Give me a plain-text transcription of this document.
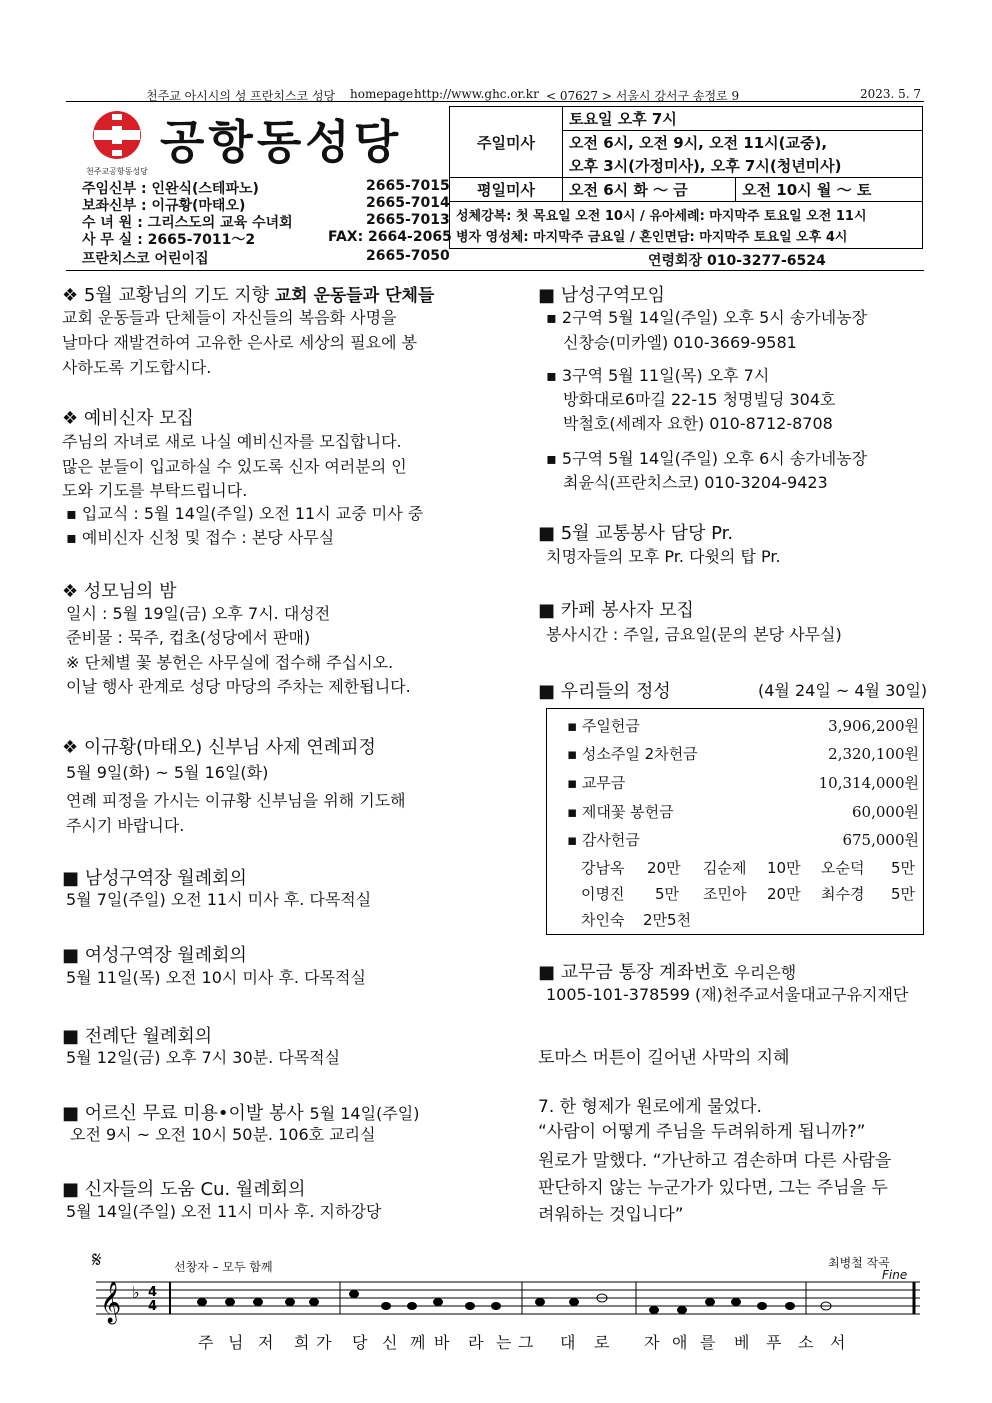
천주교 아시시의 성 프란치스코 성당 homepage http://www.ghc.or.kr < 07627 > 서울시 강서구 송정로 9	2023. 5. 7
천주교공항동성당
공항동성당
주임신부 : 인완식(스테파노)	2665-7015
보좌신부 : 이규황(마태오)	2665-7014
수 녀 원 : 그리스도의 교육 수녀회	2665-7013
사 무 실 : 2665-7011～2	FAX: 2664-2065
프란치스코 어린이집	2665-7050
주일미사	토요일 오후 7시	
	오전 6시, 오전 9시, 오전 11시(교중),	
	오후 3시(가정미사), 오후 7시(청년미사)	
평일미사	오전 6시 화 ～ 금	오전 10시 월 ～ 토
성체강복: 첫 목요일 오전 10시 / 유아세례: 마지막주 토요일 오전 11시		
병자 영성체: 마지막주 금요일 / 혼인면담: 마지막주 토요일 오후 4시		
연령회장 010-3277-6524
❖ 5월 교황님의 기도 지향 교회 운동들과 단체들
교회 운동들과 단체들이 자신들의 복음화 사명을
날마다 재발견하여 고유한 은사로 세상의 필요에 봉
사하도록 기도합시다.
❖ 예비신자 모집
주님의 자녀로 새로 나실 예비신자를 모집합니다.
많은 분들이 입교하실 수 있도록 신자 여러분의 인
도와 기도를 부탁드립니다.
▪ 입교식 : 5월 14일(주일) 오전 11시 교중 미사 중
▪ 예비신자 신청 및 접수 : 본당 사무실
❖ 성모님의 밤
일시 : 5월 19일(금) 오후 7시. 대성전
준비물 : 묵주, 컵초(성당에서 판매)
※ 단체별 꽃 봉헌은 사무실에 접수해 주십시오.
이날 행사 관계로 성당 마당의 주차는 제한됩니다.
❖ 이규황(마태오) 신부님 사제 연례피정
5월 9일(화) ~ 5월 16일(화)
연례 피정을 가시는 이규황 신부님을 위해 기도해
주시기 바랍니다.
■ 남성구역장 월례회의
5월 7일(주일) 오전 11시 미사 후. 다목적실
■ 여성구역장 월례회의
5월 11일(목) 오전 10시 미사 후. 다목적실
■ 전례단 월례회의
5월 12일(금) 오후 7시 30분. 다목적실
■ 어르신 무료 미용•이발 봉사 5월 14일(주일)
오전 9시 ~ 오전 10시 50분. 106호 교리실
■ 신자들의 도움 Cu. 월례회의
5월 14일(주일) 오전 11시 미사 후. 지하강당
■ 남성구역모임
▪ 2구역 5월 14일(주일) 오후 5시 송가네농장
신창승(미카엘) 010-3669-9581
▪ 3구역 5월 11일(목) 오후 7시
방화대로6마길 22-15 청명빌딩 304호
박철호(세례자 요한) 010-8712-8708
▪ 5구역 5월 14일(주일) 오후 6시 송가네농장
최윤식(프란치스코) 010-3204-9423
■ 5월 교통봉사 담당 Pr.
치명자들의 모후 Pr. 다윗의 탑 Pr.
■ 카페 봉사자 모집
봉사시간 : 주일, 금요일(문의 본당 사무실)
■ 우리들의 정성	(4월 24일 ~ 4월 30일)
▪ 주일헌금	3,906,200원
▪ 성소주일 2차헌금	2,320,100원
▪ 교무금	10,314,000원
▪ 제대꽃 봉헌금	60,000원
▪ 감사헌금	675,000원
강남옥 20만 김순제 10만 오순덕 5만
이명진 5만 조민아 20만 최수경 5만
차인숙 2만5천
■ 교무금 통장 계좌번호 우리은행
1005-101-378599 (재)천주교서울대교구유지재단
토마스 머튼이 길어낸 사막의 지혜
7. 한 형제가 원로에게 물었다.
“사람이 어떻게 주님을 두려워하게 됩니까?”
원로가 말했다. “가난하고 겸손하며 다른 사람을
판단하지 않는 누군가가 있다면, 그는 주님을 두
려워하는 것입니다”
𝄋	선창자 – 모두 함께	최병철 작곡
Fine
𝄞 ♭ 4
4
주 님 저 희 가 당 신 께 바 라 는 그 대 로 자 애 를 베 푸 소 서
